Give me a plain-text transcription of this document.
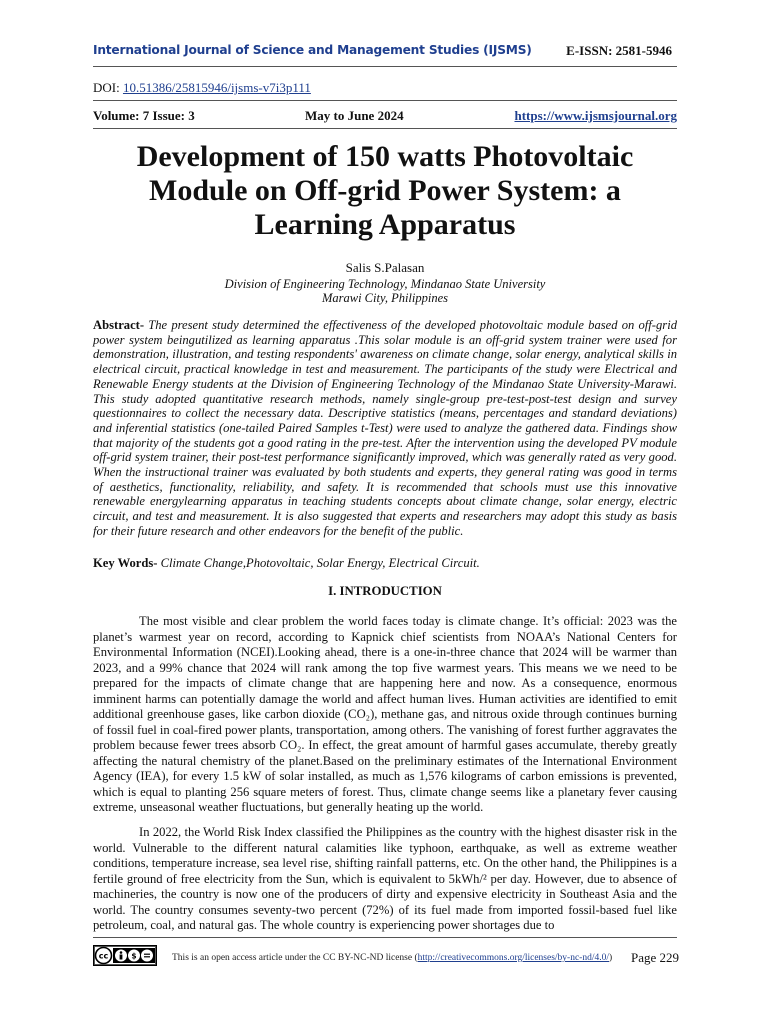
International Journal of Science and Management Studies (IJSMS)	E-ISSN: 2581-5946
DOI: 10.51386/25815946/ijsms-v7i3p111
Volume: 7 Issue: 3	May to June 2024	https://www.ijsmsjournal.org
Development of 150 watts Photovoltaic
Module on Off-grid Power System: a
Learning Apparatus
Salis S.Palasan
Division of Engineering Technology, Mindanao State University
Marawi City, Philippines
Abstract- The present study determined the effectiveness of the developed photovoltaic module based on off-grid power system beingutilized as learning apparatus .This solar module is an off-grid system trainer were used for demonstration, illustration, and testing respondents' awareness on climate change, solar energy, analytical skills in electrical circuit, practical knowledge in test and measurement. The participants of the study were Electrical and Renewable Energy students at the Division of Engineering Technology of the Mindanao State University-Marawi. This study adopted quantitative research methods, namely single-group pre-test-post-test design and survey questionnaires to collect the necessary data. Descriptive statistics (means, percentages and standard deviations) and inferential statistics (one-tailed Paired Samples t-Test) were used to analyze the gathered data. Findings show that majority of the students got a good rating in the pre-test. After the intervention using the developed PV module off-grid system trainer, their post-test performance significantly improved, which was generally rated as very good. When the instructional trainer was evaluated by both students and experts, they general rating was good in terms of aesthetics, functionality, reliability, and safety. It is recommended that schools must use this innovative renewable energylearning apparatus in teaching students concepts about climate change, solar energy, electric circuit, and test and measurement. It is also suggested that experts and researchers may adopt this study as basis for their future research and other endeavors for the benefit of the public.
Key Words- Climate Change,Photovoltaic, Solar Energy, Electrical Circuit.
I. INTRODUCTION

The most visible and clear problem the world faces today is climate change. It’s official: 2023 was the planet’s warmest year on record, according to Kapnick chief scientists from NOAA’s National Centers for Environmental Information (NCEI).Looking ahead, there is a one-in-three chance that 2024 will be warmer than 2023, and a 99% chance that 2024 will rank among the top five warmest years. This means we we need to be prepared for the impacts of climate change that are happening here and now. As a consequence, enormous imminent harms can potentially damage the world and affect human lives. Human activities are identified to emit additional greenhouse gases, like carbon dioxide (CO₂), methane gas, and nitrous oxide through continues burning of fossil fuel in coal-fired power plants, transportation, among others. The vanishing of forest further aggravates the problem because fewer trees absorb CO₂. In effect, the great amount of harmful gases accumulate, thereby greatly affecting the natural chemistry of the planet.Based on the preliminary estimates of the International Environment Agency (IEA), for every 1.5 kW of solar installed, as much as 1,576 kilograms of carbon emissions is prevented, which is equal to planting 256 square meters of forest. Thus, climate change seems like a planetary fever causing extreme, unseasonal weather fluctuations, but generally heating up the world.

In 2022, the World Risk Index classified the Philippines as the country with the highest disaster risk in the world. Vulnerable to the different natural calamities like typhoon, earthquake, as well as extreme weather conditions, temperature increase, sea level rise, shifting rainfall patterns, etc. On the other hand, the Philippines is a fertile ground of free electricity from the Sun, which is equivalent to 5kWh/² per day. However, due to absence of machineries, the country is now one of the producers of dirty and expensive electricity in Southeast Asia and the world. The country consumes seventy-two percent (72%) of its fuel made from imported fossil-based fuel like petroleum, coal, and natural gas. The whole country is experiencing power shortages due to

cc	$	This is an open access article under the CC BY-NC-ND license (http://creativecommons.org/licenses/by-nc-nd/4.0/) Page 229
